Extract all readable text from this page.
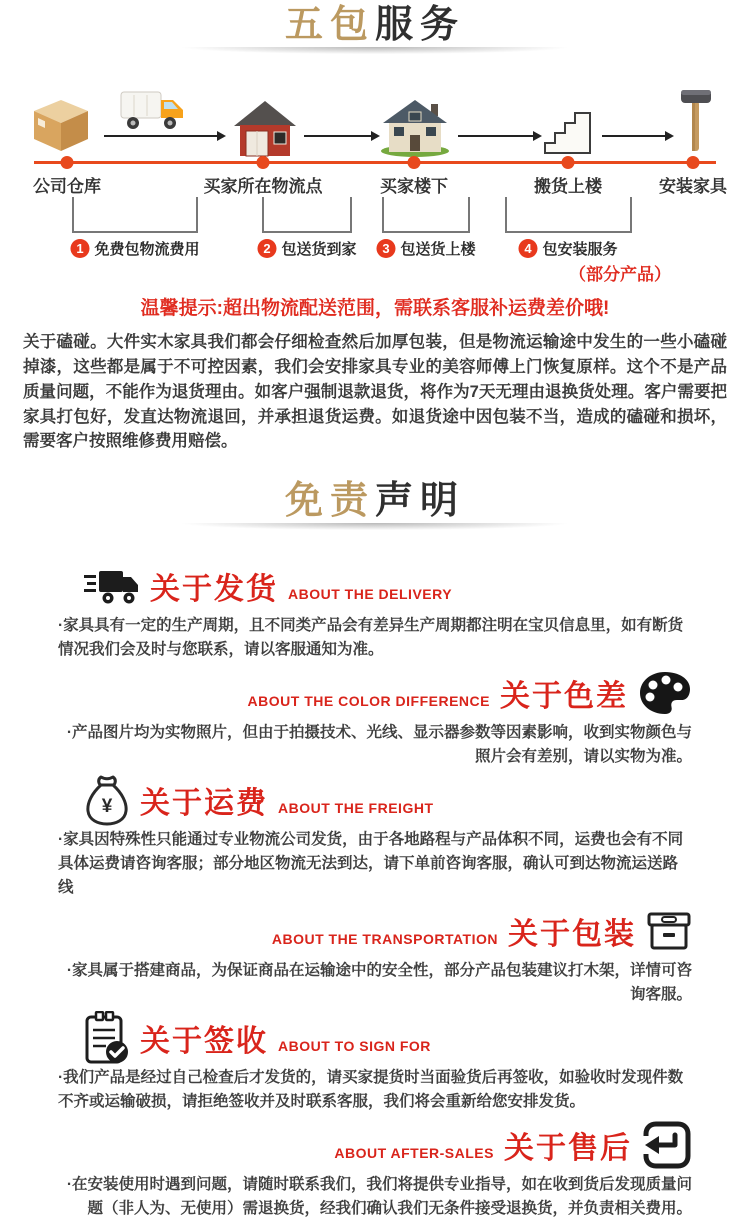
五包服务
公司仓库	买家所在物流点	买家楼下	搬货上楼	安装家具
1 免费包物流费用	2 包送货到家	3 包送货上楼	4 包安装服务
（部分产品）

温馨提示:超出物流配送范围，需联系客服补运费差价哦!

关于磕碰。大件实木家具我们都会仔细检查然后加厚包装，但是物流运输途中发生的一些小磕碰掉漆，这些都是属于不可控因素，我们会安排家具专业的美容师傅上门恢复原样。这个不是产品质量问题，不能作为退货理由。如客户强制退款退货，将作为7天无理由退换货处理。客户需要把家具打包好，发直达物流退回，并承担退货运费。如退货途中因包装不当，造成的磕碰和损坏，需要客户按照维修费用赔偿。

免责声明
关于发货 ABOUT THE DELIVERY

·家具具有一定的生产周期，且不同类产品会有差异生产周期都注明在宝贝信息里，如有断货情况我们会及时与您联系，请以客服通知为准。

ABOUT THE COLOR DIFFERENCE 关于色差

·产品图片均为实物照片，但由于拍摄技术、光线、显示器参数等因素影响，收到实物颜色与照片会有差别，请以实物为准。

¥ 关于运费 ABOUT THE FREIGHT

·家具因特殊性只能通过专业物流公司发货，由于各地路程与产品体积不同，运费也会有不同具体运费请咨询客服；部分地区物流无法到达，请下单前咨询客服，确认可到达物流运送路线

ABOUT THE TRANSPORTATION 关于包装

·家具属于搭建商品，为保证商品在运输途中的安全性，部分产品包装建议打木架，详情可咨询客服。

关于签收 ABOUT TO SIGN FOR

·我们产品是经过自己检查后才发货的，请买家提货时当面验货后再签收，如验收时发现件数不齐或运输破损，请拒绝签收并及时联系客服，我们将会重新给您安排发货。

ABOUT AFTER-SALES 关于售后

·在安装使用时遇到问题，请随时联系我们，我们将提供专业指导，如在收到货后发现质量问题（非人为、无使用）需退换货，经我们确认我们无条件接受退换货，并负责相关费用。
